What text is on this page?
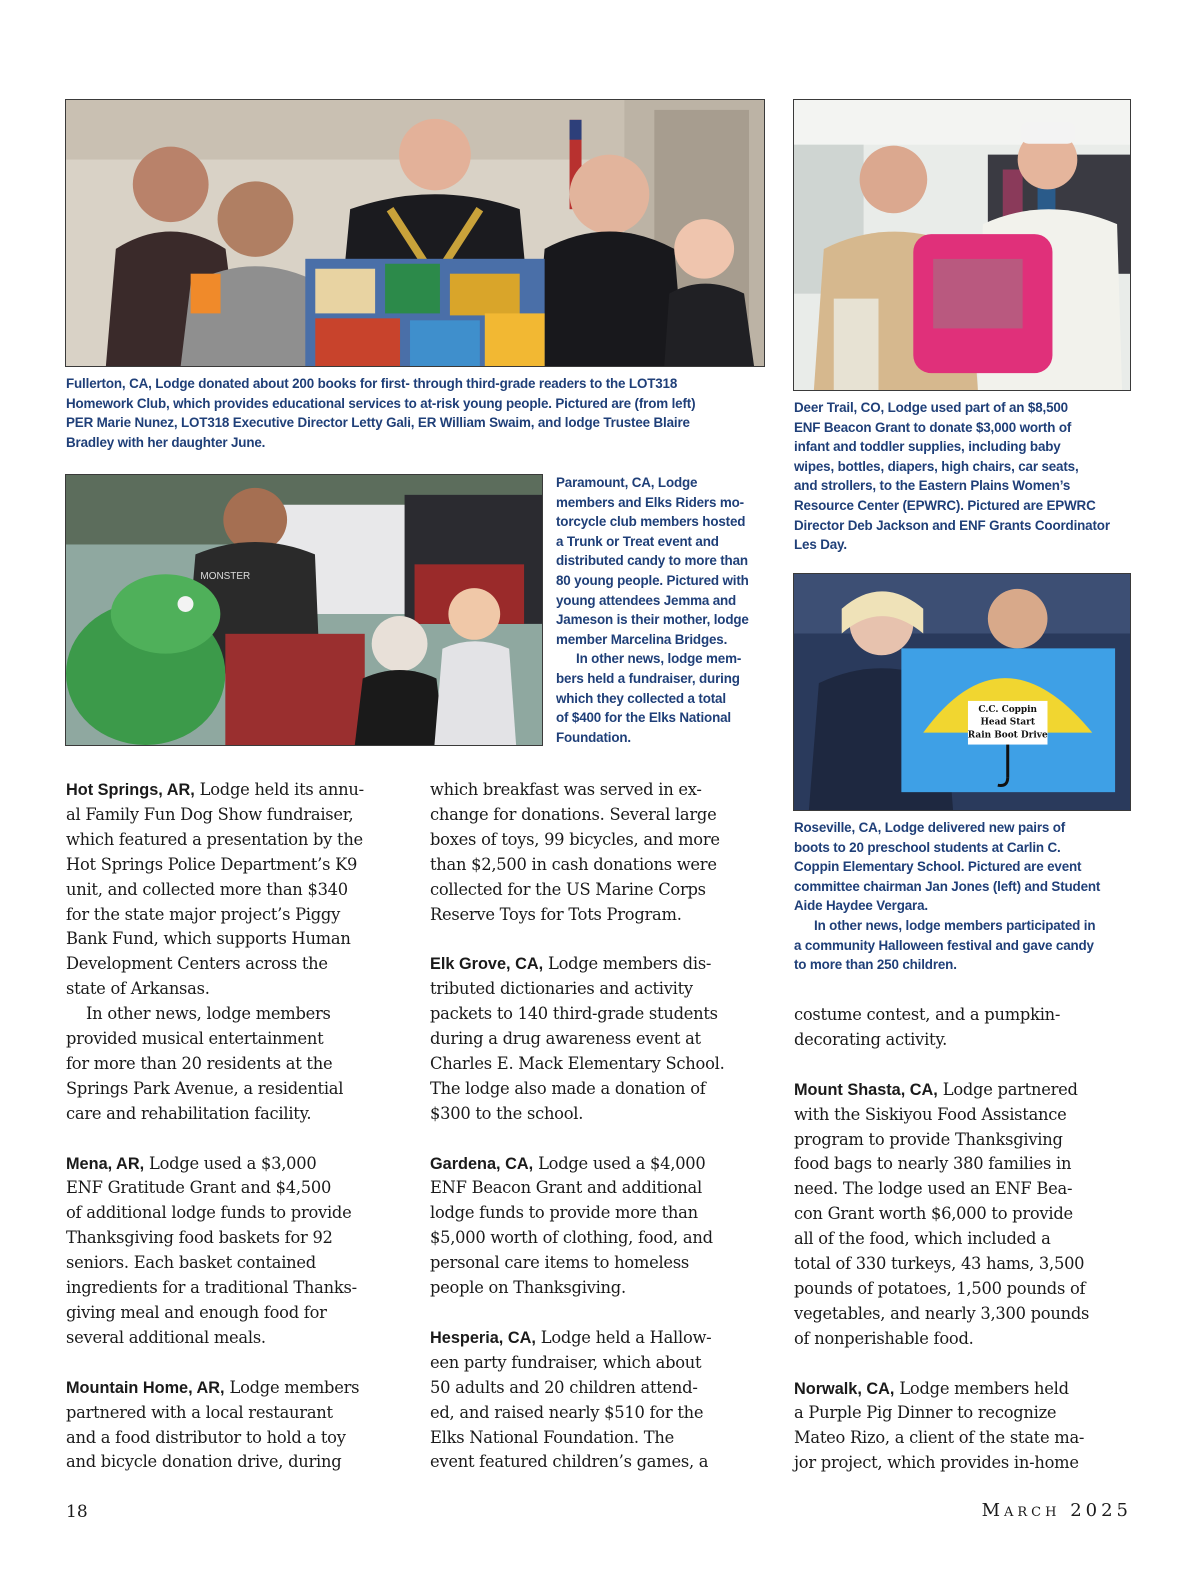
MONSTER
C.C. Coppin
Head Start
Rain Boot Drive

Fullerton, CA, Lodge donated about 200 books for first- through third-grade readers to the LOT318
Homework Club, which provides educational services to at-risk young people. Pictured are (from left)
PER Marie Nunez, LOT318 Executive Director Letty Gali, ER William Swaim, and lodge Trustee Blaire
Bradley with her daughter June.

Deer Trail, CO, Lodge used part of an $8,500
ENF Beacon Grant to donate $3,000 worth of
infant and toddler supplies, including baby
wipes, bottles, diapers, high chairs, car seats,
and strollers, to the Eastern Plains Women’s
Resource Center (EPWRC). Pictured are EPWRC
Director Deb Jackson and ENF Grants Coordinator
Les Day.

Paramount, CA, Lodge
members and Elks Riders mo-
torcycle club members hosted
a Trunk or Treat event and
distributed candy to more than
80 young people. Pictured with
young attendees Jemma and
Jameson is their mother, lodge
member Marcelina Bridges.
In other news, lodge mem-
bers held a fundraiser, during
which they collected a total
of $400 for the Elks National
Foundation.

Roseville, CA, Lodge delivered new pairs of
boots to 20 preschool students at Carlin C.
Coppin Elementary School. Pictured are event
committee chairman Jan Jones (left) and Student
Aide Haydee Vergara.
In other news, lodge members participated in
a community Halloween festival and gave candy
to more than 250 children.

Hot Springs, AR, Lodge held its annu-
al Family Fun Dog Show fundraiser,
which featured a presentation by the
Hot Springs Police Department’s K9
unit, and collected more than $340
for the state major project’s Piggy
Bank Fund, which supports Human
Development Centers across the
state of Arkansas.

In other news, lodge members
provided musical entertainment
for more than 20 residents at the
Springs Park Avenue, a residential
care and rehabilitation facility.

Mena, AR, Lodge used a $3,000
ENF Gratitude Grant and $4,500
of additional lodge funds to provide
Thanksgiving food baskets for 92
seniors. Each basket contained
ingredients for a traditional Thanks-
giving meal and enough food for
several additional meals.

Mountain Home, AR, Lodge members
partnered with a local restaurant
and a food distributor to hold a toy
and bicycle donation drive, during

which breakfast was served in ex-
change for donations. Several large
boxes of toys, 99 bicycles, and more
than $2,500 in cash donations were
collected for the US Marine Corps
Reserve Toys for Tots Program.

Elk Grove, CA, Lodge members dis-
tributed dictionaries and activity
packets to 140 third-grade students
during a drug awareness event at
Charles E. Mack Elementary School.
The lodge also made a donation of
$300 to the school.

Gardena, CA, Lodge used a $4,000
ENF Beacon Grant and additional
lodge funds to provide more than
$5,000 worth of clothing, food, and
personal care items to homeless
people on Thanksgiving.

Hesperia, CA, Lodge held a Hallow-
een party fundraiser, which about
50 adults and 20 children attend-
ed, and raised nearly $510 for the
Elks National Foundation. The
event featured children’s games, a

costume contest, and a pumpkin-
decorating activity.

Mount Shasta, CA, Lodge partnered
with the Siskiyou Food Assistance
program to provide Thanksgiving
food bags to nearly 380 families in
need. The lodge used an ENF Bea-
con Grant worth $6,000 to provide
all of the food, which included a
total of 330 turkeys, 43 hams, 3,500
pounds of potatoes, 1,500 pounds of
vegetables, and nearly 3,300 pounds
of nonperishable food.

Norwalk, CA, Lodge members held
a Purple Pig Dinner to recognize
Mateo Rizo, a client of the state ma-
jor project, which provides in-home

18	March 2025
